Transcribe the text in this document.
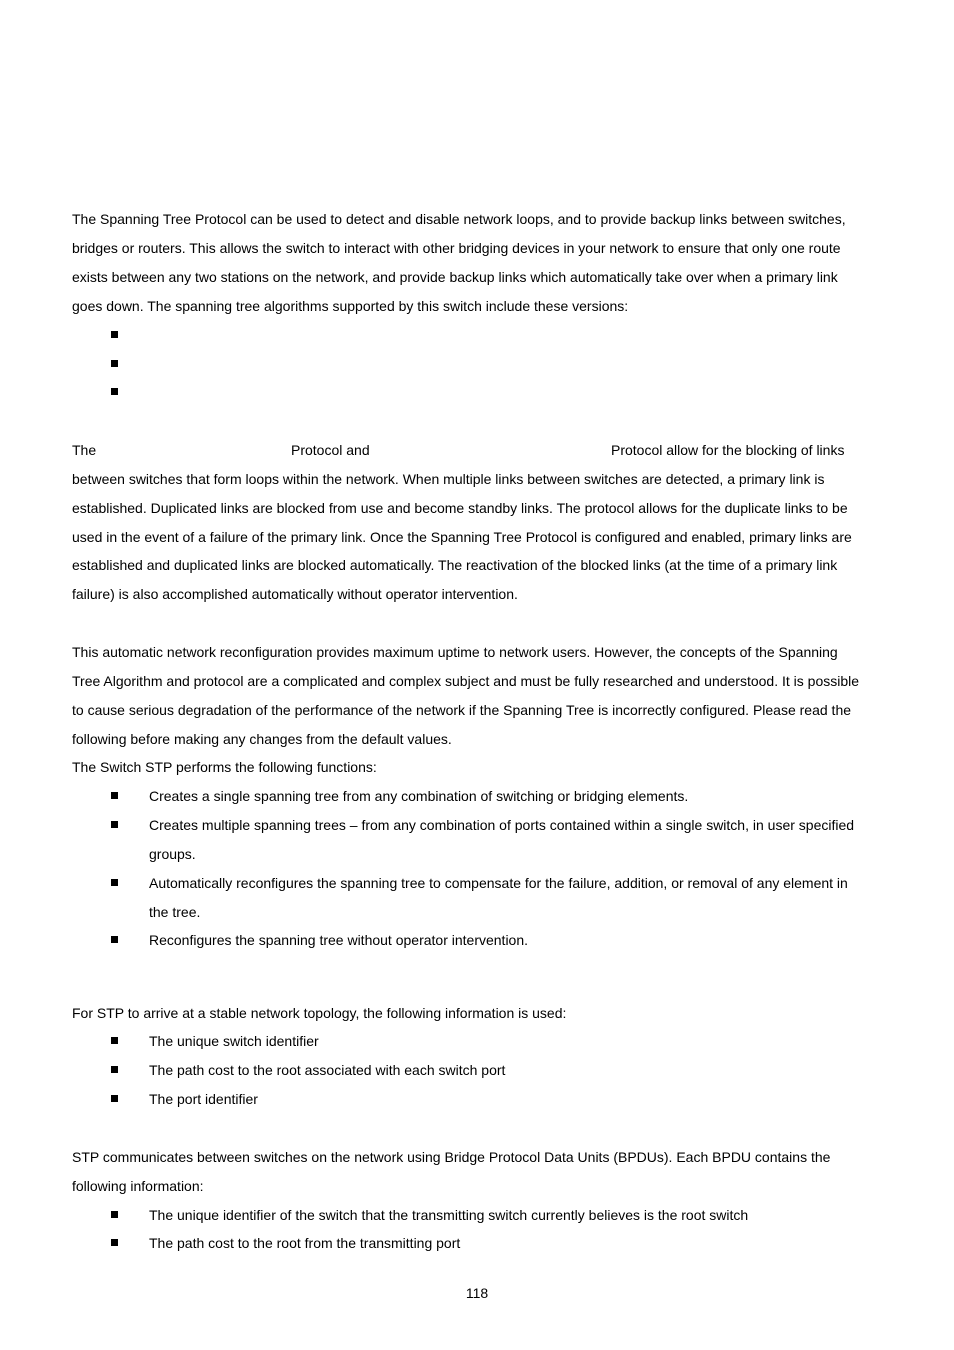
The Spanning Tree Protocol can be used to detect and disable network loops, and to provide backup links between switches,
bridges or routers. This allows the switch to interact with other bridging devices in your network to ensure that only one route
exists between any two stations on the network, and provide backup links which automatically take over when a primary link
goes down. The spanning tree algorithms supported by this switch include these versions:
The	Protocol and	Protocol allow for the blocking of links
between switches that form loops within the network. When multiple links between switches are detected, a primary link is
established. Duplicated links are blocked from use and become standby links. The protocol allows for the duplicate links to be
used in the event of a failure of the primary link. Once the Spanning Tree Protocol is configured and enabled, primary links are
established and duplicated links are blocked automatically. The reactivation of the blocked links (at the time of a primary link
failure) is also accomplished automatically without operator intervention.
This automatic network reconfiguration provides maximum uptime to network users. However, the concepts of the Spanning
Tree Algorithm and protocol are a complicated and complex subject and must be fully researched and understood. It is possible
to cause serious degradation of the performance of the network if the Spanning Tree is incorrectly configured. Please read the
following before making any changes from the default values.
The Switch STP performs the following functions:
Creates a single spanning tree from any combination of switching or bridging elements.
Creates multiple spanning trees – from any combination of ports contained within a single switch, in user specified
groups.
Automatically reconfigures the spanning tree to compensate for the failure, addition, or removal of any element in
the tree.
Reconfigures the spanning tree without operator intervention.
For STP to arrive at a stable network topology, the following information is used:
The unique switch identifier
The path cost to the root associated with each switch port
The port identifier
STP communicates between switches on the network using Bridge Protocol Data Units (BPDUs). Each BPDU contains the
following information:
The unique identifier of the switch that the transmitting switch currently believes is the root switch
The path cost to the root from the transmitting port
118
